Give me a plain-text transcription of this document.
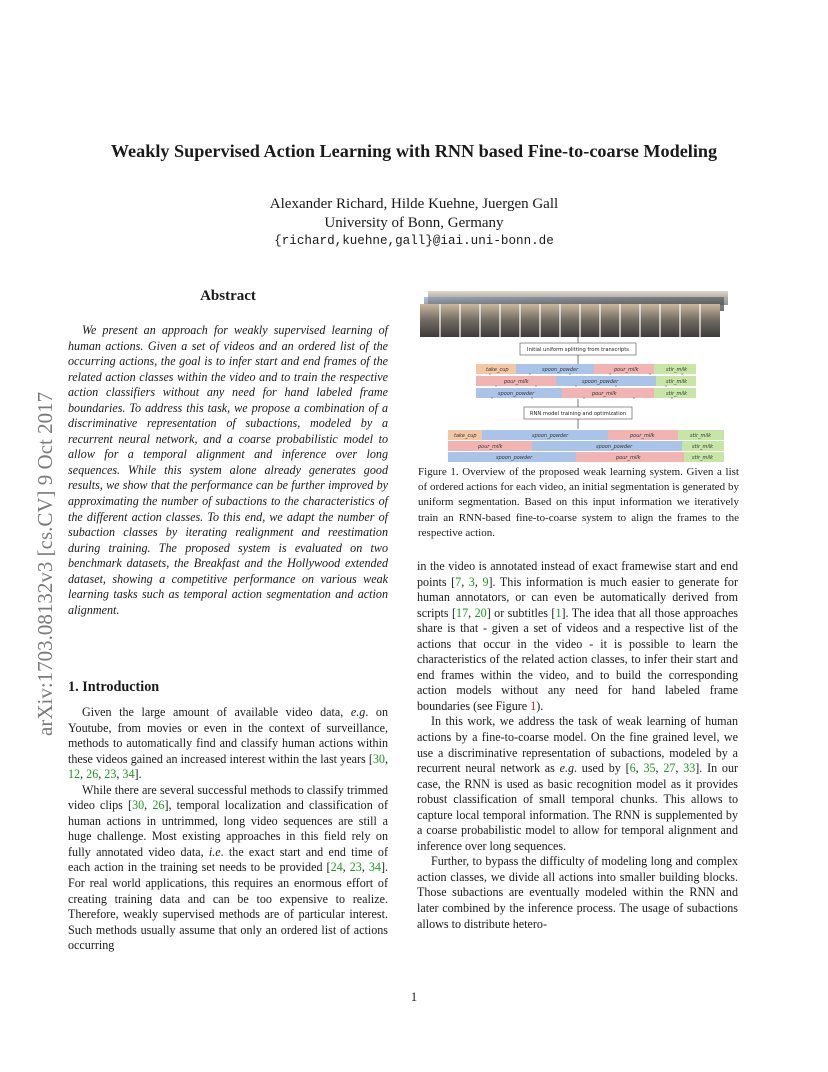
arXiv:1703.08132v3 [cs.CV] 9 Oct 2017
Weakly Supervised Action Learning with RNN based Fine-to-coarse Modeling
Alexander Richard, Hilde Kuehne, Juergen Gall
University of Bonn, Germany
{richard,kuehne,gall}@iai.uni-bonn.de
Abstract

We present an approach for weakly supervised learning of human actions. Given a set of videos and an ordered list of the occurring actions, the goal is to infer start and end frames of the related action classes within the video and to train the respective action classifiers without any need for hand labeled frame boundaries. To address this task, we propose a combination of a discriminative representation of subactions, modeled by a recurrent neural network, and a coarse probabilistic model to allow for a temporal alignment and inference over long sequences. While this system alone already generates good results, we show that the performance can be further improved by approximating the number of subactions to the characteristics of the different action classes. To this end, we adapt the number of subaction classes by iterating realignment and reestimation during training. The proposed system is evaluated on two benchmark datasets, the Breakfast and the Hollywood extended dataset, showing a competitive performance on various weak learning tasks such as temporal action segmentation and action alignment.

1. Introduction

Given the large amount of available video data, e.g. on Youtube, from movies or even in the context of surveillance, methods to automatically find and classify human actions within these videos gained an increased interest within the last years [30, 12, 26, 23, 34].

While there are several successful methods to classify trimmed video clips [30, 26], temporal localization and classification of human actions in untrimmed, long video sequences are still a huge challenge. Most existing approaches in this field rely on fully annotated video data, i.e. the exact start and end time of each action in the training set needs to be provided [24, 23, 34]. For real world applications, this requires an enormous effort of creating training data and can be too expensive to realize. Therefore, weakly supervised methods are of particular interest. Such methods usually assume that only an ordered list of actions occurring

Initial uniform splitting from transcripts
take_cup	spoon_powder	pour_milk	stir_milk
pour_milk	spoon_powder	stir_milk
spoon_powder	pour_milk	stir_milk
RNN model training and optimization
take_cup	spoon_powder	pour_milk	stir_milk
pour_milk	spoon_powder	stir_milk
spoon_powder	pour_milk	stir_milk
Figure 1. Overview of the proposed weak learning system. Given a list of ordered actions for each video, an initial segmentation is generated by uniform segmentation. Based on this input information we iteratively train an RNN-based fine-to-coarse system to align the frames to the respective action.

in the video is annotated instead of exact framewise start and end points [7, 3, 9]. This information is much easier to generate for human annotators, or can even be automatically derived from scripts [17, 20] or subtitles [1]. The idea that all those approaches share is that - given a set of videos and a respective list of the actions that occur in the video - it is possible to learn the characteristics of the related action classes, to infer their start and end frames within the video, and to build the corresponding action models without any need for hand labeled frame boundaries (see Figure 1).

In this work, we address the task of weak learning of human actions by a fine-to-coarse model. On the fine grained level, we use a discriminative representation of subactions, modeled by a recurrent neural network as e.g. used by [6, 35, 27, 33]. In our case, the RNN is used as basic recognition model as it provides robust classification of small temporal chunks. This allows to capture local temporal information. The RNN is supplemented by a coarse probabilistic model to allow for temporal alignment and inference over long sequences.

Further, to bypass the difficulty of modeling long and complex action classes, we divide all actions into smaller building blocks. Those subactions are eventually modeled within the RNN and later combined by the inference process. The usage of subactions allows to distribute hetero-

1
